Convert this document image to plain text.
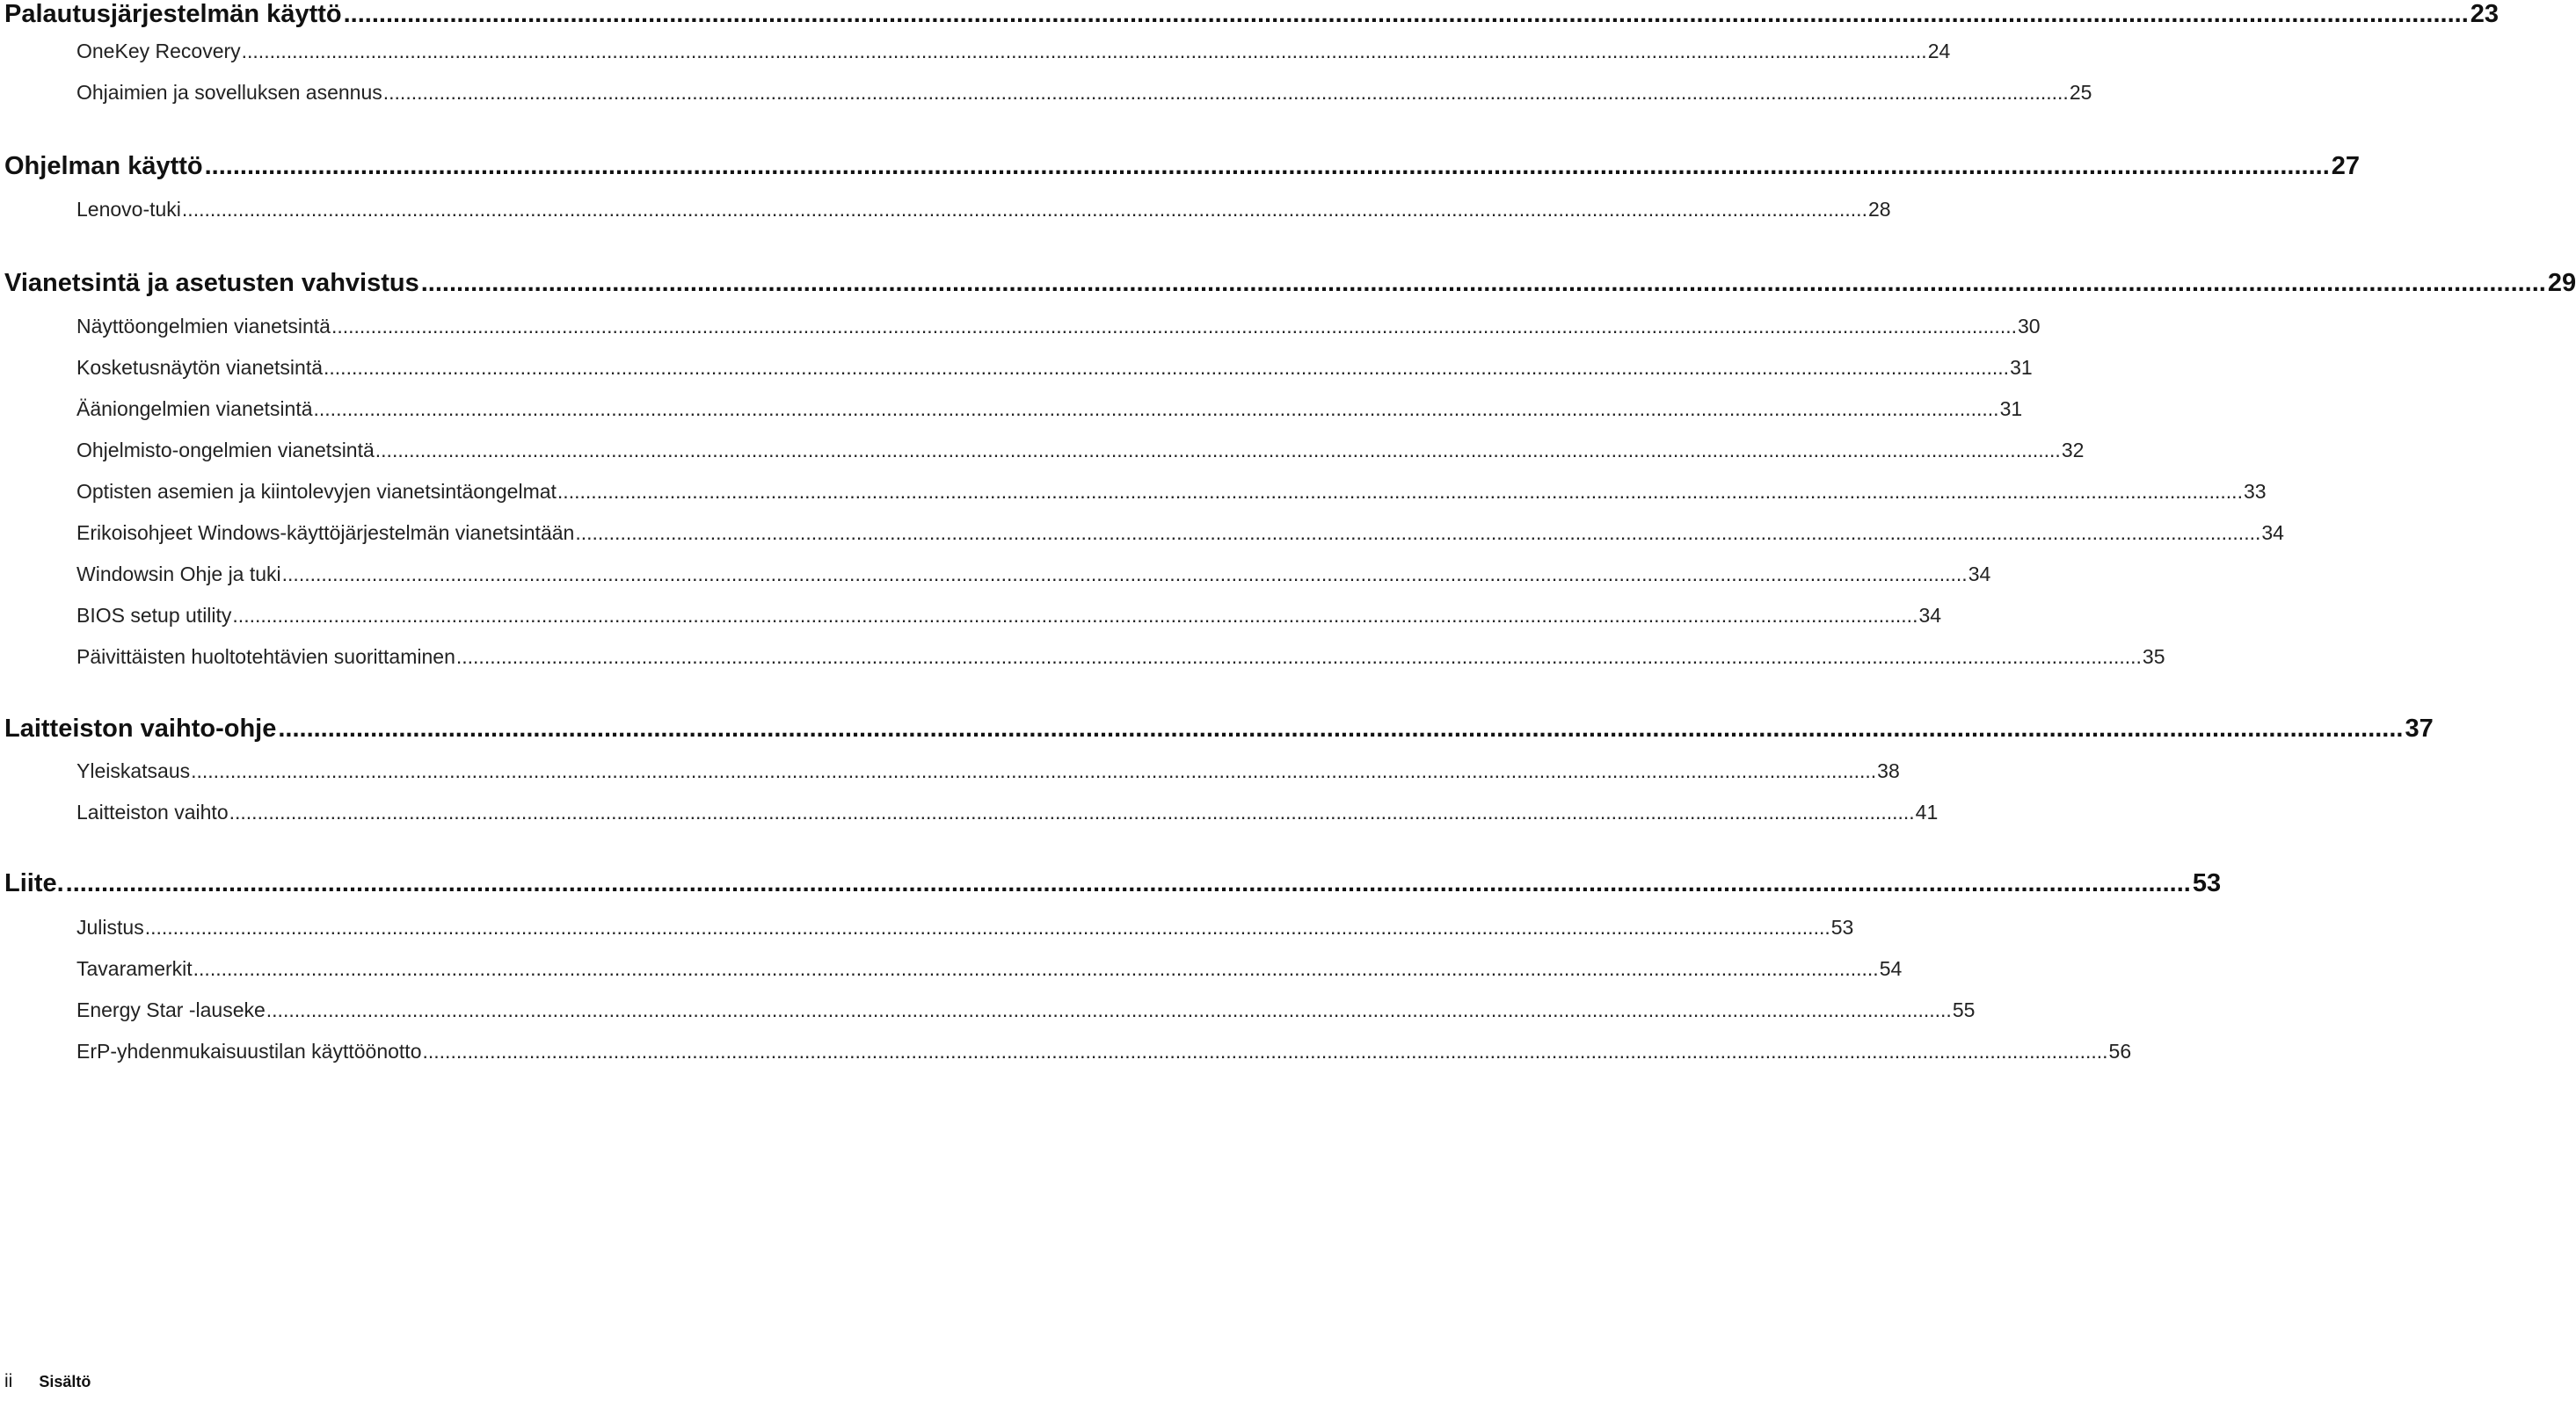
Palautusjärjestelmän käyttö ............................................................................................................................................................................................................................................................................................................ 23
OneKey Recovery ............................................................................................................................................................................................................................................................................................................ 24
Ohjaimien ja sovelluksen asennus ............................................................................................................................................................................................................................................................................................................ 25
Ohjelman käyttö ............................................................................................................................................................................................................................................................................................................ 27
Lenovo-tuki ............................................................................................................................................................................................................................................................................................................ 28
Vianetsintä ja asetusten vahvistus ............................................................................................................................................................................................................................................................................................................ 29
Näyttöongelmien vianetsintä ............................................................................................................................................................................................................................................................................................................ 30
Kosketusnäytön vianetsintä ............................................................................................................................................................................................................................................................................................................ 31
Ääniongelmien vianetsintä ............................................................................................................................................................................................................................................................................................................ 31
Ohjelmisto-ongelmien vianetsintä ............................................................................................................................................................................................................................................................................................................ 32
Optisten asemien ja kiintolevyjen vianetsintäongelmat ............................................................................................................................................................................................................................................................................................................ 33
Erikoisohjeet Windows-käyttöjärjestelmän vianetsintään ............................................................................................................................................................................................................................................................................................................ 34
Windowsin Ohje ja tuki ............................................................................................................................................................................................................................................................................................................ 34
BIOS setup utility ............................................................................................................................................................................................................................................................................................................ 34
Päivittäisten huoltotehtävien suorittaminen ............................................................................................................................................................................................................................................................................................................ 35
Laitteiston vaihto-ohje ............................................................................................................................................................................................................................................................................................................ 37
Yleiskatsaus ............................................................................................................................................................................................................................................................................................................ 38
Laitteiston vaihto ............................................................................................................................................................................................................................................................................................................ 41
Liite. ............................................................................................................................................................................................................................................................................................................ 53
Julistus ............................................................................................................................................................................................................................................................................................................ 53
Tavaramerkit ............................................................................................................................................................................................................................................................................................................ 54
Energy Star -lauseke ............................................................................................................................................................................................................................................................................................................ 55
ErP-yhdenmukaisuustilan käyttöönotto ............................................................................................................................................................................................................................................................................................................ 56
ii Sisältö
